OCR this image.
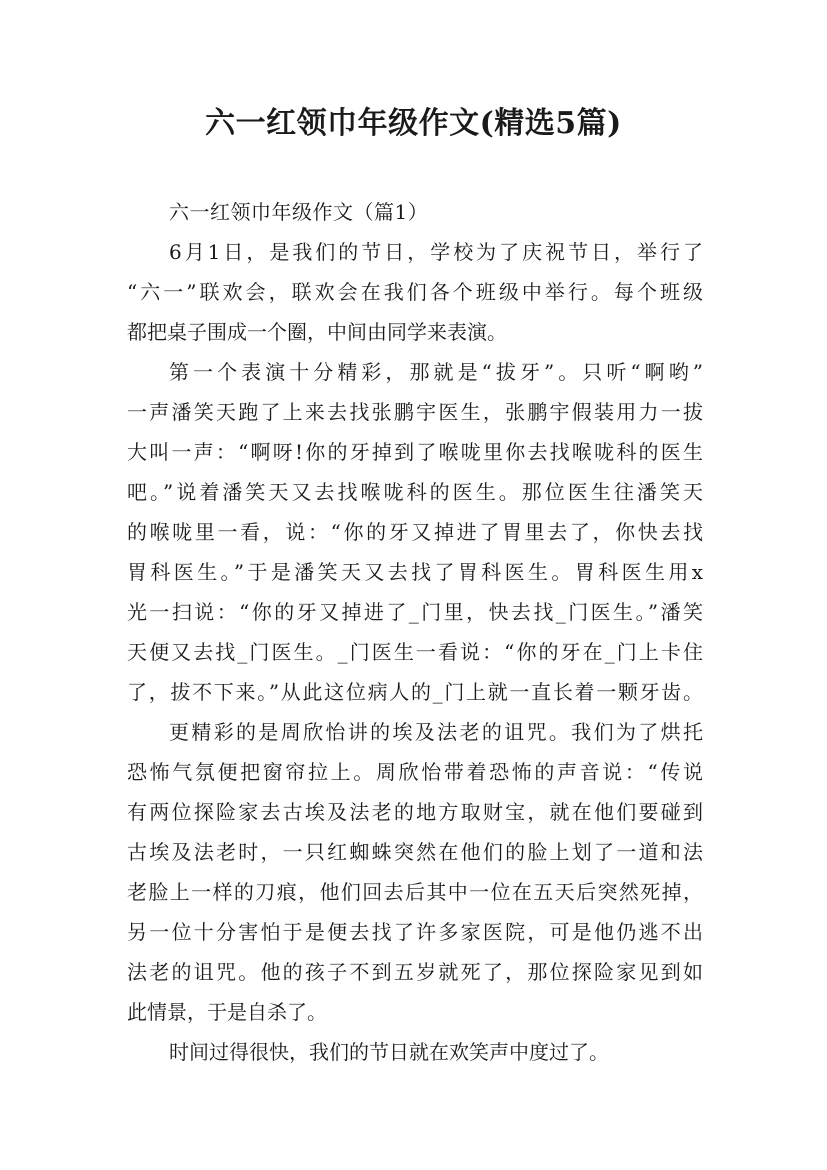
六一红领巾年级作文(精选5篇)
六一红领巾年级作文（篇1）
6月1日，是我们的节日，学校为了庆祝节日，举行了
“六一”联欢会，联欢会在我们各个班级中举行。每个班级
都把桌子围成一个圈，中间由同学来表演。
第一个表演十分精彩，那就是“拔牙”。只听“啊哟”
一声潘笑天跑了上来去找张鹏宇医生，张鹏宇假装用力一拔
大叫一声：“啊呀!你的牙掉到了喉咙里你去找喉咙科的医生
吧。”说着潘笑天又去找喉咙科的医生。那位医生往潘笑天
的喉咙里一看，说：“你的牙又掉进了胃里去了，你快去找
胃科医生。”于是潘笑天又去找了胃科医生。胃科医生用x
光一扫说：“你的牙又掉进了_门里，快去找_门医生。”潘笑
天便又去找_门医生。_门医生一看说：“你的牙在_门上卡住
了，拔不下来。”从此这位病人的_门上就一直长着一颗牙齿。
更精彩的是周欣怡讲的埃及法老的诅咒。我们为了烘托
恐怖气氛便把窗帘拉上。周欣怡带着恐怖的声音说：“传说
有两位探险家去古埃及法老的地方取财宝，就在他们要碰到
古埃及法老时，一只红蜘蛛突然在他们的脸上划了一道和法
老脸上一样的刀痕，他们回去后其中一位在五天后突然死掉，
另一位十分害怕于是便去找了许多家医院，可是他仍逃不出
法老的诅咒。他的孩子不到五岁就死了，那位探险家见到如
此情景，于是自杀了。
时间过得很快，我们的节日就在欢笑声中度过了。
